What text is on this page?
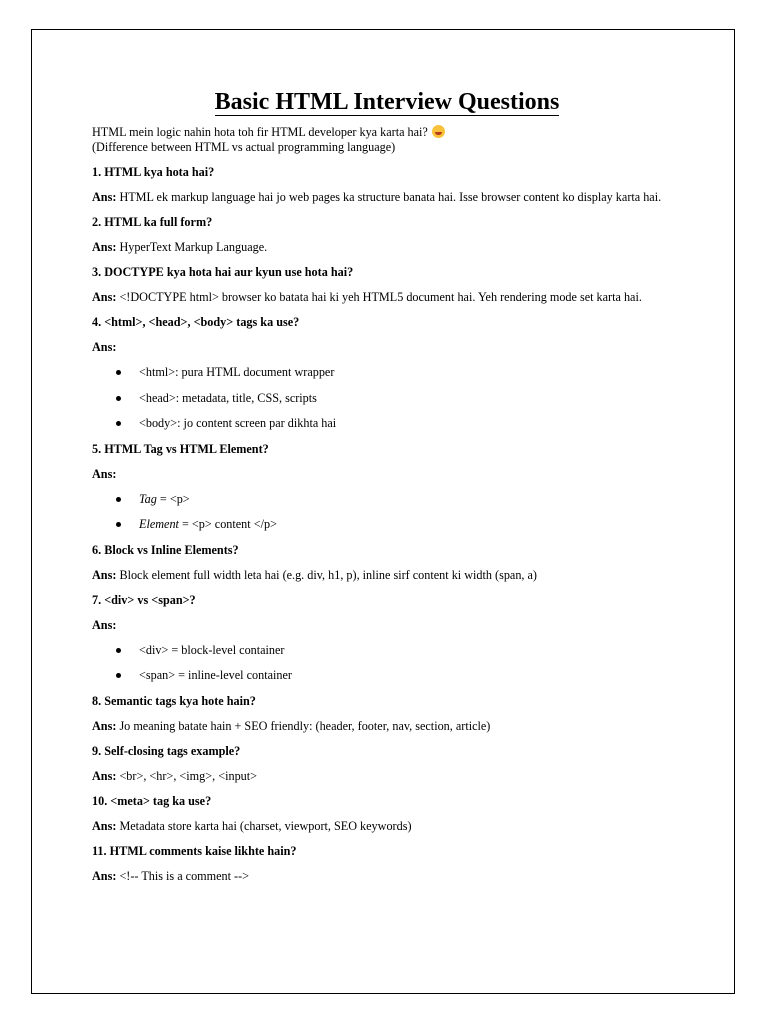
Basic HTML Interview Questions
HTML mein logic nahin hota toh fir HTML developer kya karta hai?
(Difference between HTML vs actual programming language)
1. HTML kya hota hai?
Ans: HTML ek markup language hai jo web pages ka structure banata hai. Isse browser content ko display karta hai.
2. HTML ka full form?
Ans: HyperText Markup Language.
3. DOCTYPE kya hota hai aur kyun use hota hai?
Ans: <!DOCTYPE html> browser ko batata hai ki yeh HTML5 document hai. Yeh rendering mode set karta hai.
4. <html>, <head>, <body> tags ka use?
Ans:
<html>: pura HTML document wrapper
<head>: metadata, title, CSS, scripts
<body>: jo content screen par dikhta hai
5. HTML Tag vs HTML Element?
Ans:
Tag = <p>
Element = <p> content </p>
6. Block vs Inline Elements?
Ans: Block element full width leta hai (e.g. div, h1, p), inline sirf content ki width (span, a)
7. <div> vs <span>?
Ans:
<div> = block-level container
<span> = inline-level container
8. Semantic tags kya hote hain?
Ans: Jo meaning batate hain + SEO friendly: (header, footer, nav, section, article)
9. Self-closing tags example?
Ans: <br>, <hr>, <img>, <input>
10. <meta> tag ka use?
Ans: Metadata store karta hai (charset, viewport, SEO keywords)
11. HTML comments kaise likhte hain?
Ans: <!-- This is a comment -->
